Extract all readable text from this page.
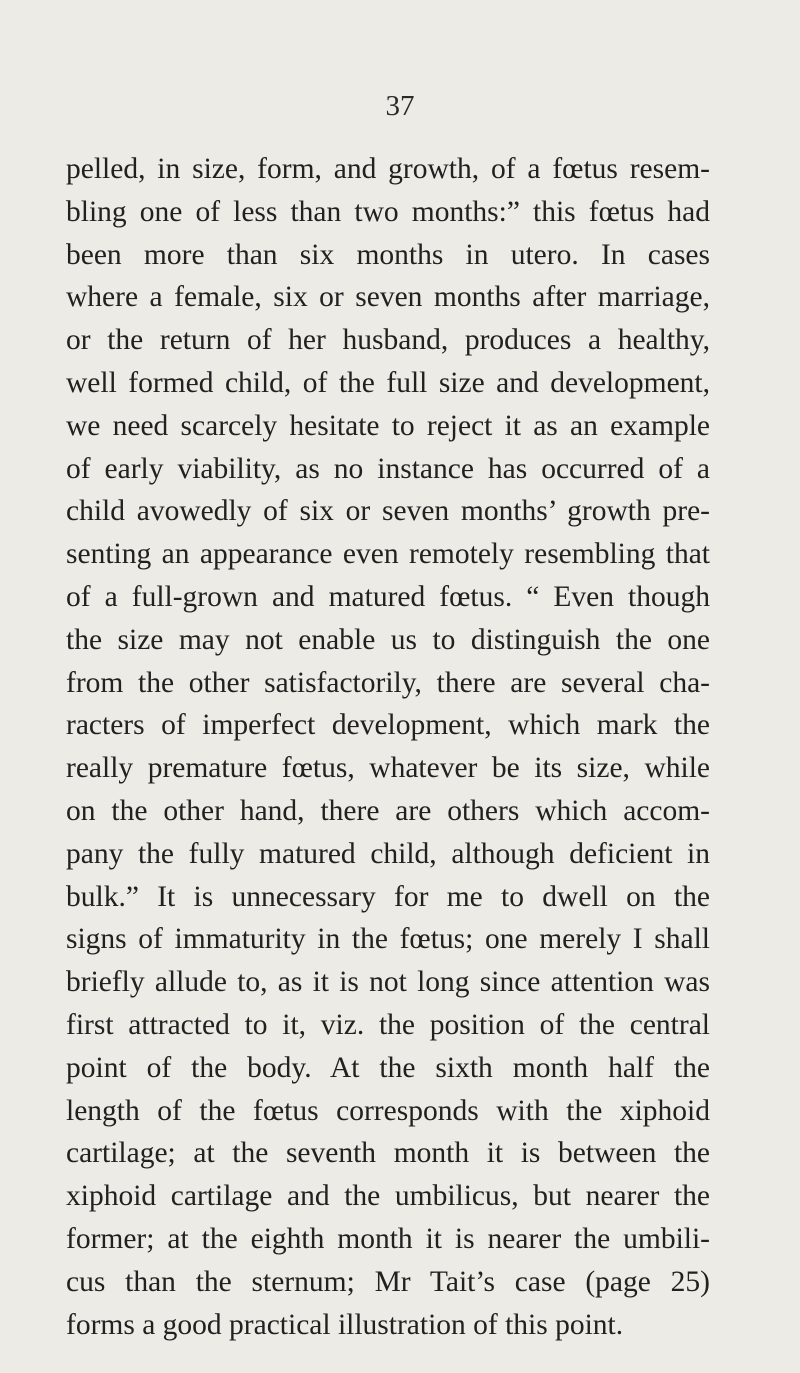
37
pelled, in size, form, and growth, of a fœtus resem-
bling one of less than two months:” this fœtus had
been more than six months in utero. In cases
where a female, six or seven months after marriage,
or the return of her husband, produces a healthy,
well formed child, of the full size and development,
we need scarcely hesitate to reject it as an example
of early viability, as no instance has occurred of a
child avowedly of six or seven months’ growth pre-
senting an appearance even remotely resembling that
of a full-grown and matured fœtus. “ Even though
the size may not enable us to distinguish the one
from the other satisfactorily, there are several cha-
racters of imperfect development, which mark the
really premature fœtus, whatever be its size, while
on the other hand, there are others which accom-
pany the fully matured child, although deficient in
bulk.” It is unnecessary for me to dwell on the
signs of immaturity in the fœtus; one merely I shall
briefly allude to, as it is not long since attention was
first attracted to it, viz. the position of the central
point of the body. At the sixth month half the
length of the fœtus corresponds with the xiphoid
cartilage; at the seventh month it is between the
xiphoid cartilage and the umbilicus, but nearer the
former; at the eighth month it is nearer the umbili-
cus than the sternum; Mr Tait’s case (page 25)
forms a good practical illustration of this point.
